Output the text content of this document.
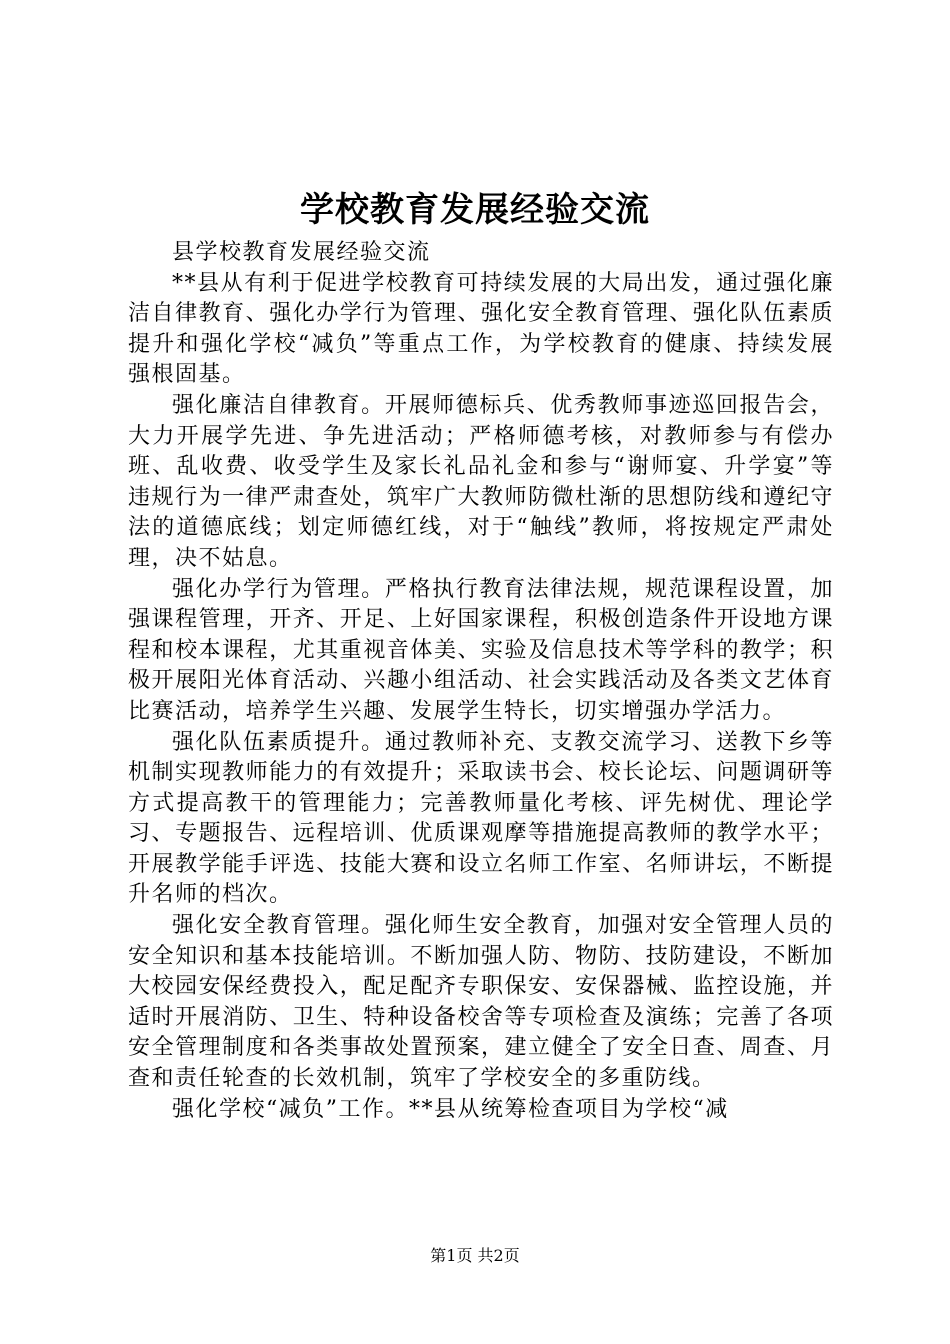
学校教育发展经验交流

县学校教育发展经验交流

**县从有利于促进学校教育可持续发展的大局出发，通过强化廉洁自律教育、强化办学行为管理、强化安全教育管理、强化队伍素质提升和强化学校“减负”等重点工作，为学校教育的健康、持续发展强根固基。

强化廉洁自律教育。开展师德标兵、优秀教师事迹巡回报告会，大力开展学先进、争先进活动；严格师德考核，对教师参与有偿办班、乱收费、收受学生及家长礼品礼金和参与“谢师宴、升学宴”等违规行为一律严肃查处，筑牢广大教师防微杜渐的思想防线和遵纪守法的道德底线；划定师德红线，对于“触线”教师，将按规定严肃处理，决不姑息。

强化办学行为管理。严格执行教育法律法规，规范课程设置，加强课程管理，开齐、开足、上好国家课程，积极创造条件开设地方课程和校本课程，尤其重视音体美、实验及信息技术等学科的教学；积极开展阳光体育活动、兴趣小组活动、社会实践活动及各类文艺体育比赛活动，培养学生兴趣、发展学生特长，切实增强办学活力。

强化队伍素质提升。通过教师补充、支教交流学习、送教下乡等机制实现教师能力的有效提升；采取读书会、校长论坛、问题调研等方式提高教干的管理能力；完善教师量化考核、评先树优、理论学习、专题报告、远程培训、优质课观摩等措施提高教师的教学水平；开展教学能手评选、技能大赛和设立名师工作室、名师讲坛，不断提升名师的档次。

强化安全教育管理。强化师生安全教育，加强对安全管理人员的安全知识和基本技能培训。不断加强人防、物防、技防建设，不断加大校园安保经费投入，配足配齐专职保安、安保器械、监控设施，并适时开展消防、卫生、特种设备校舍等专项检查及演练；完善了各项安全管理制度和各类事故处置预案，建立健全了安全日查、周查、月查和责任轮查的长效机制，筑牢了学校安全的多重防线。

强化学校“减负”工作。**县从统筹检查项目为学校“减

第1页 共2页
